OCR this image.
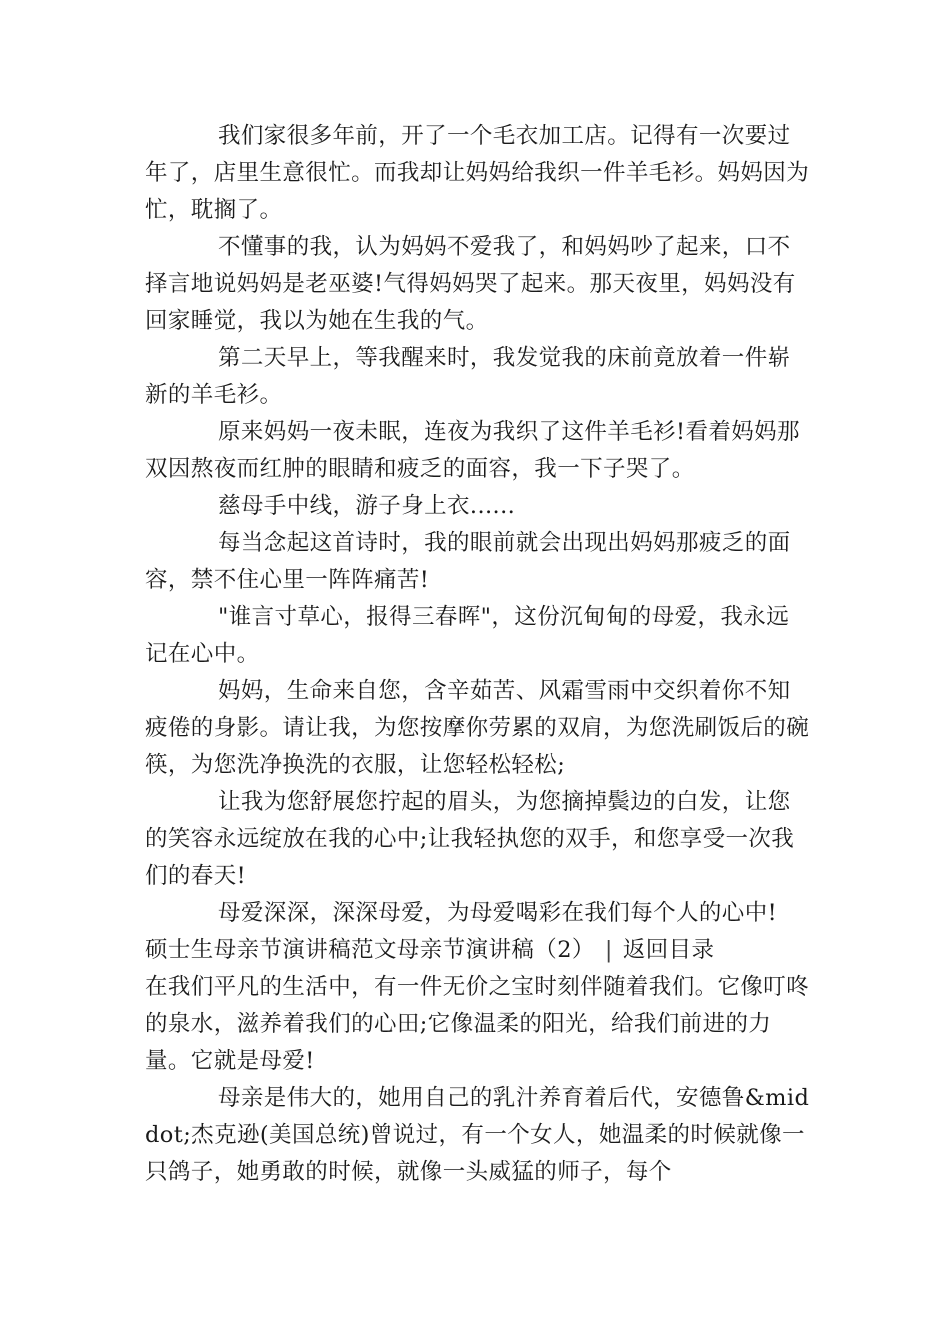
我们家很多年前，开了一个毛衣加工店。记得有一次要过年了，店里生意很忙。而我却让妈妈给我织一件羊毛衫。妈妈因为忙，耽搁了。

不懂事的我，认为妈妈不爱我了，和妈妈吵了起来，口不择言地说妈妈是老巫婆!气得妈妈哭了起来。那天夜里，妈妈没有回家睡觉，我以为她在生我的气。

第二天早上，等我醒来时，我发觉我的床前竟放着一件崭新的羊毛衫。

原来妈妈一夜未眠，连夜为我织了这件羊毛衫!看着妈妈那双因熬夜而红肿的眼睛和疲乏的面容，我一下子哭了。

慈母手中线，游子身上衣......

每当念起这首诗时，我的眼前就会出现出妈妈那疲乏的面容，禁不住心里一阵阵痛苦!

"谁言寸草心，报得三春晖"，这份沉甸甸的母爱，我永远记在心中。

妈妈，生命来自您，含辛茹苦、风霜雪雨中交织着你不知疲倦的身影。请让我，为您按摩你劳累的双肩，为您洗刷饭后的碗筷，为您洗净换洗的衣服，让您轻松轻松;

让我为您舒展您拧起的眉头，为您摘掉鬓边的白发，让您的笑容永远绽放在我的心中;让我轻执您的双手，和您享受一次我们的春天!

母爱深深，深深母爱，为母爱喝彩在我们每个人的心中!

硕士生母亲节演讲稿范文母亲节演讲稿（2） | 返回目录

在我们平凡的生活中，有一件无价之宝时刻伴随着我们。它像叮咚的泉水，滋养着我们的心田;它像温柔的阳光，给我们前进的力量。它就是母爱!

母亲是伟大的，她用自己的乳汁养育着后代，安德鲁&middot;杰克逊(美国总统)曾说过，有一个女人，她温柔的时候就像一只鸽子，她勇敢的时候，就像一头威猛的师子，每个
